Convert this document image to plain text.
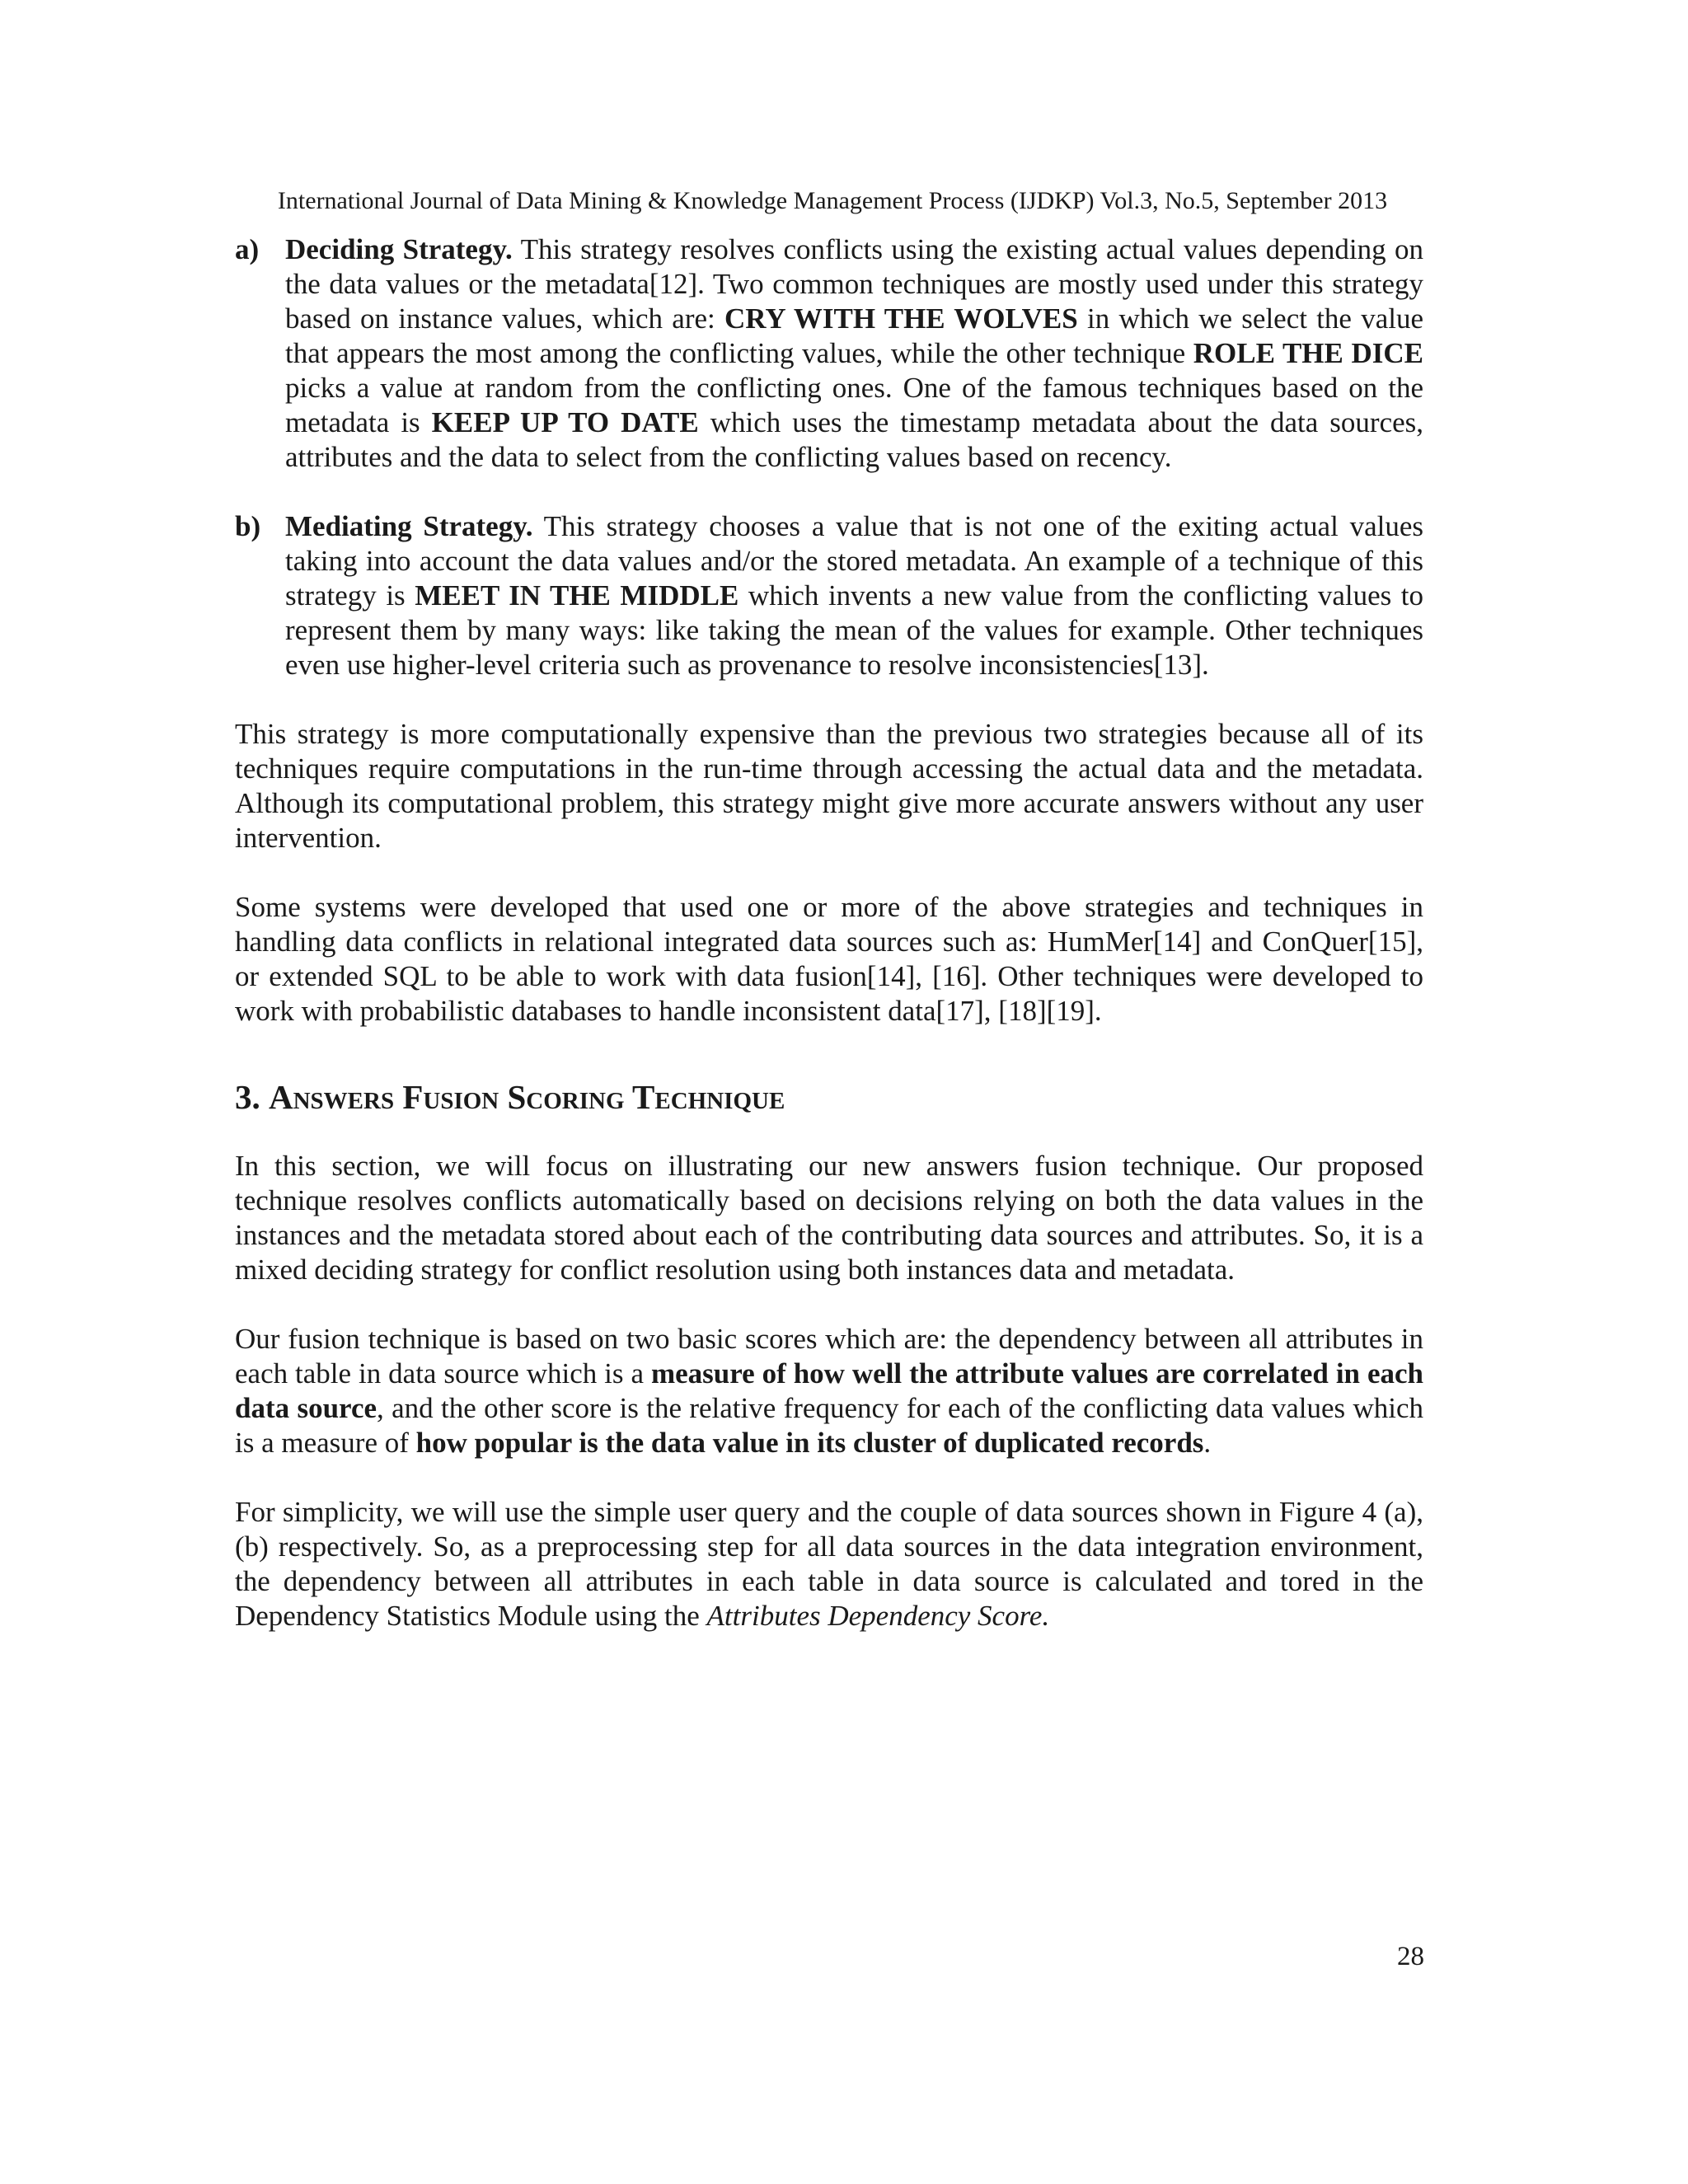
International Journal of Data Mining & Knowledge Management Process (IJDKP) Vol.3, No.5, September 2013

a) Deciding Strategy. This strategy resolves conflicts using the existing actual values depending on the data values or the metadata[12]. Two common techniques are mostly used under this strategy based on instance values, which are: CRY WITH THE WOLVES in which we select the value that appears the most among the conflicting values, while the other technique ROLE THE DICE picks a value at random from the conflicting ones. One of the famous techniques based on the metadata is KEEP UP TO DATE which uses the timestamp metadata about the data sources, attributes and the data to select from the conflicting values based on recency.

b) Mediating Strategy. This strategy chooses a value that is not one of the exiting actual values taking into account the data values and/or the stored metadata. An example of a technique of this strategy is MEET IN THE MIDDLE which invents a new value from the conflicting values to represent them by many ways: like taking the mean of the values for example. Other techniques even use higher-level criteria such as provenance to resolve inconsistencies[13].

This strategy is more computationally expensive than the previous two strategies because all of its techniques require computations in the run-time through accessing the actual data and the metadata. Although its computational problem, this strategy might give more accurate answers without any user intervention.

Some systems were developed that used one or more of the above strategies and techniques in handling data conflicts in relational integrated data sources such as: HumMer[14] and ConQuer[15], or extended SQL to be able to work with data fusion[14], [16]. Other techniques were developed to work with probabilistic databases to handle inconsistent data[17], [18][19].

3. Answers Fusion Scoring Technique

In this section, we will focus on illustrating our new answers fusion technique. Our proposed technique resolves conflicts automatically based on decisions relying on both the data values in the instances and the metadata stored about each of the contributing data sources and attributes. So, it is a mixed deciding strategy for conflict resolution using both instances data and metadata.

Our fusion technique is based on two basic scores which are: the dependency between all attributes in each table in data source which is a measure of how well the attribute values are correlated in each data source, and the other score is the relative frequency for each of the conflicting data values which is a measure of how popular is the data value in its cluster of duplicated records.

For simplicity, we will use the simple user query and the couple of data sources shown in Figure 4 (a), (b) respectively. So, as a preprocessing step for all data sources in the data integration environment, the dependency between all attributes in each table in data source is calculated and tored in the Dependency Statistics Module using the Attributes Dependency Score.

28
